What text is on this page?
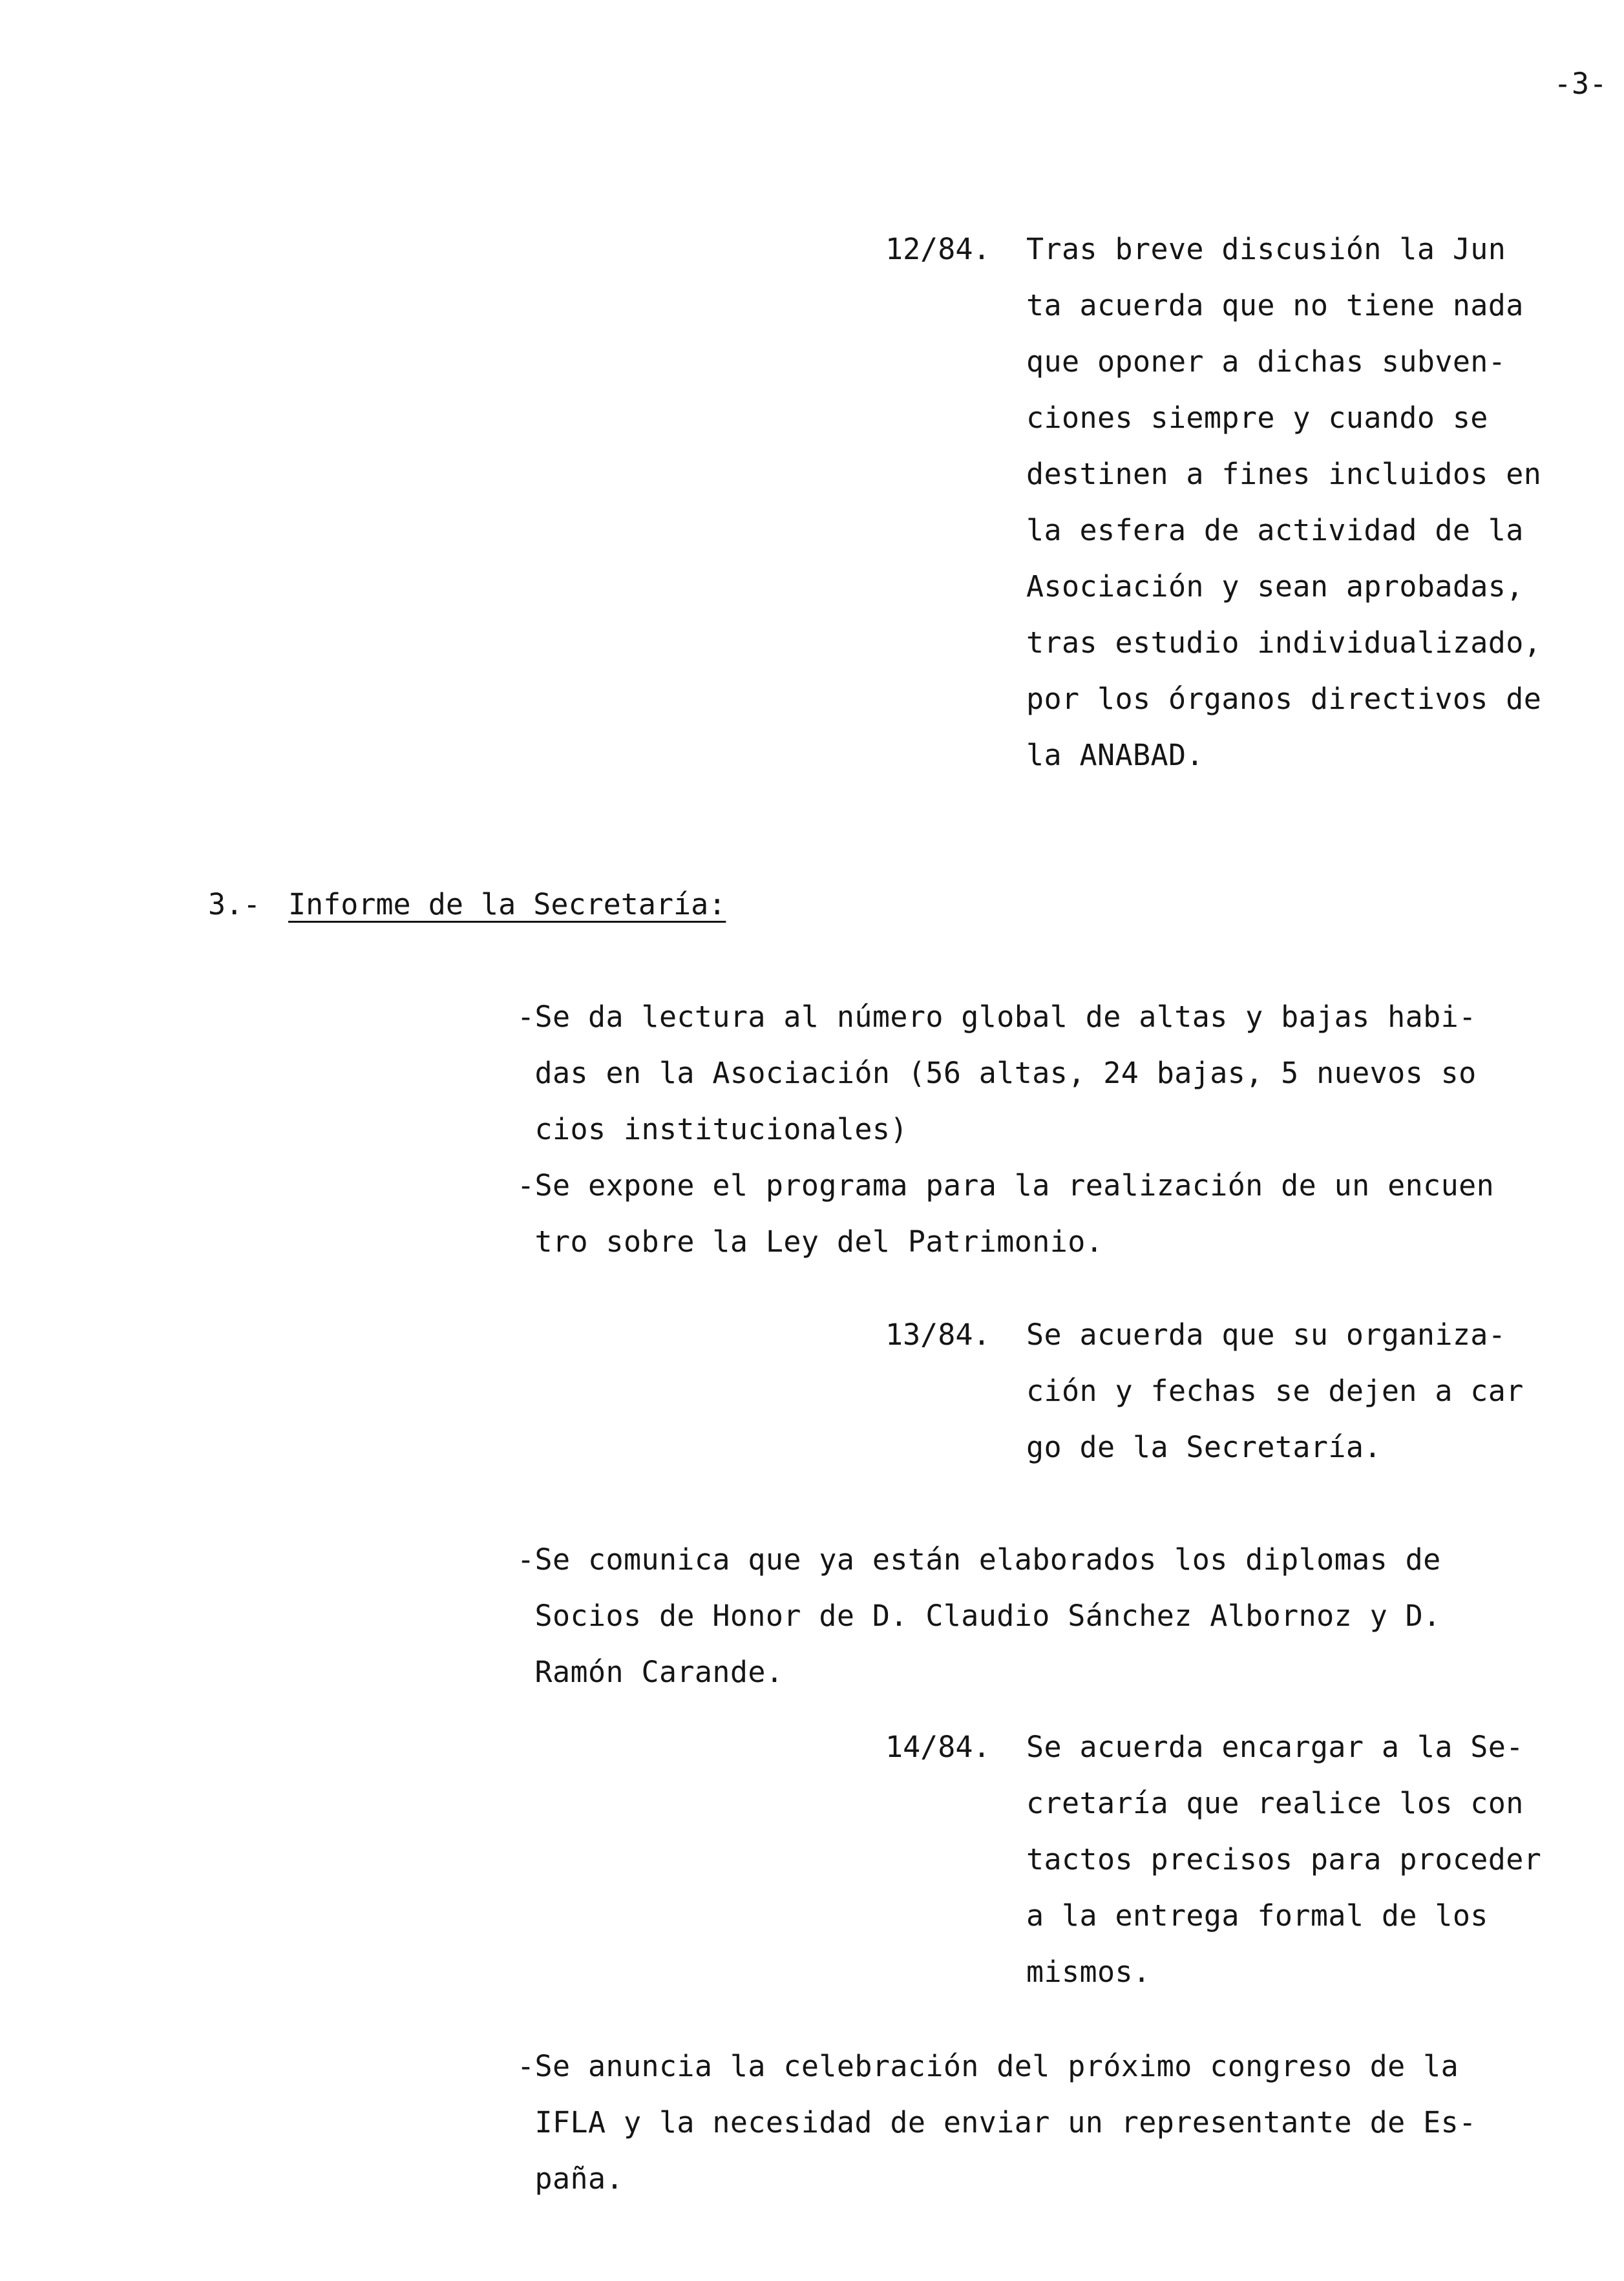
-3-
12/84. Tras breve discusión la Jun
ta acuerda que no tiene nada
que oponer a dichas subven-
ciones siempre y cuando se
destinen a fines incluidos en
la esfera de actividad de la
Asociación y sean aprobadas,
tras estudio individualizado,
por los órganos directivos de
la ANABAD.
3.- Informe de la Secretaría:
-Se da lectura al número global de altas y bajas habi-
das en la Asociación (56 altas, 24 bajas, 5 nuevos so
cios institucionales)
-Se expone el programa para la realización de un encuen
tro sobre la Ley del Patrimonio.
13/84. Se acuerda que su organiza-
ción y fechas se dejen a car
go de la Secretaría.
-Se comunica que ya están elaborados los diplomas de
Socios de Honor de D. Claudio Sánchez Albornoz y D.
Ramón Carande.
14/84. Se acuerda encargar a la Se-
cretaría que realice los con
tactos precisos para proceder
a la entrega formal de los
mismos.
-Se anuncia la celebración del próximo congreso de la
IFLA y la necesidad de enviar un representante de Es-
paña.
